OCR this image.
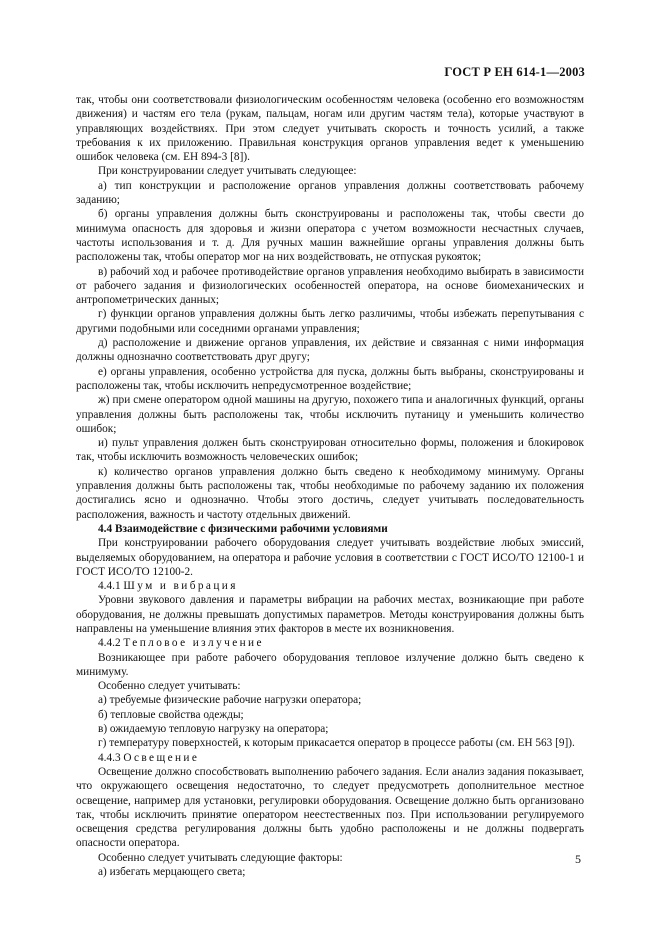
ГОСТ Р ЕН 614-1—2003

так, чтобы они соответствовали физиологическим особенностям человека (особенно его возможностям движения) и частям его тела (рукам, пальцам, ногам или другим частям тела), которые участвуют в управляющих воздействиях. При этом следует учитывать скорость и точность усилий, а также требования к их приложению. Правильная конструкция органов управления ведет к уменьшению ошибок человека (см. ЕН 894-3 [8]).

При конструировании следует учитывать следующее:

а) тип конструкции и расположение органов управления должны соответствовать рабочему заданию;

б) органы управления должны быть сконструированы и расположены так, чтобы свести до минимума опасность для здоровья и жизни оператора с учетом возможности несчастных случаев, частоты использования и т. д. Для ручных машин важнейшие органы управления должны быть расположены так, чтобы оператор мог на них воздействовать, не отпуская рукояток;

в) рабочий ход и рабочее противодействие органов управления необходимо выбирать в зависимости от рабочего задания и физиологических особенностей оператора, на основе биомеханических и антропометрических данных;

г) функции органов управления должны быть легко различимы, чтобы избежать перепутывания с другими подобными или соседними органами управления;

д) расположение и движение органов управления, их действие и связанная с ними информация должны однозначно соответствовать друг другу;

е) органы управления, особенно устройства для пуска, должны быть выбраны, сконструированы и расположены так, чтобы исключить непредусмотренное воздействие;

ж) при смене оператором одной машины на другую, похожего типа и аналогичных функций, органы управления должны быть расположены так, чтобы исключить путаницу и уменьшить количество ошибок;

и) пульт управления должен быть сконструирован относительно формы, положения и блокировок так, чтобы исключить возможность человеческих ошибок;

к) количество органов управления должно быть сведено к необходимому минимуму. Органы управления должны быть расположены так, чтобы необходимые по рабочему заданию их положения достигались ясно и однозначно. Чтобы этого достичь, следует учитывать последовательность расположения, важность и частоту отдельных движений.

4.4 Взаимодействие с физическими рабочими условиями

При конструировании рабочего оборудования следует учитывать воздействие любых эмиссий, выделяемых оборудованием, на оператора и рабочие условия в соответствии с ГОСТ ИСО/ТО 12100-1 и ГОСТ ИСО/ТО 12100-2.

4.4.1 Шум и вибрация

Уровни звукового давления и параметры вибрации на рабочих местах, возникающие при работе оборудования, не должны превышать допустимых параметров. Методы конструирования должны быть направлены на уменьшение влияния этих факторов в месте их возникновения.

4.4.2 Тепловое излучение

Возникающее при работе рабочего оборудования тепловое излучение должно быть сведено к минимуму.

Особенно следует учитывать:

а) требуемые физические рабочие нагрузки оператора;

б) тепловые свойства одежды;

в) ожидаемую тепловую нагрузку на оператора;

г) температуру поверхностей, к которым прикасается оператор в процессе работы (см. ЕН 563 [9]).

4.4.3 Освещение

Освещение должно способствовать выполнению рабочего задания. Если анализ задания показывает, что окружающего освещения недостаточно, то следует предусмотреть дополнительное местное освещение, например для установки, регулировки оборудования. Освещение должно быть организовано так, чтобы исключить принятие оператором неестественных поз. При использовании регулируемого освещения средства регулирования должны быть удобно расположены и не должны подвергать опасности оператора.

Особенно следует учитывать следующие факторы:

а) избегать мерцающего света;

5
